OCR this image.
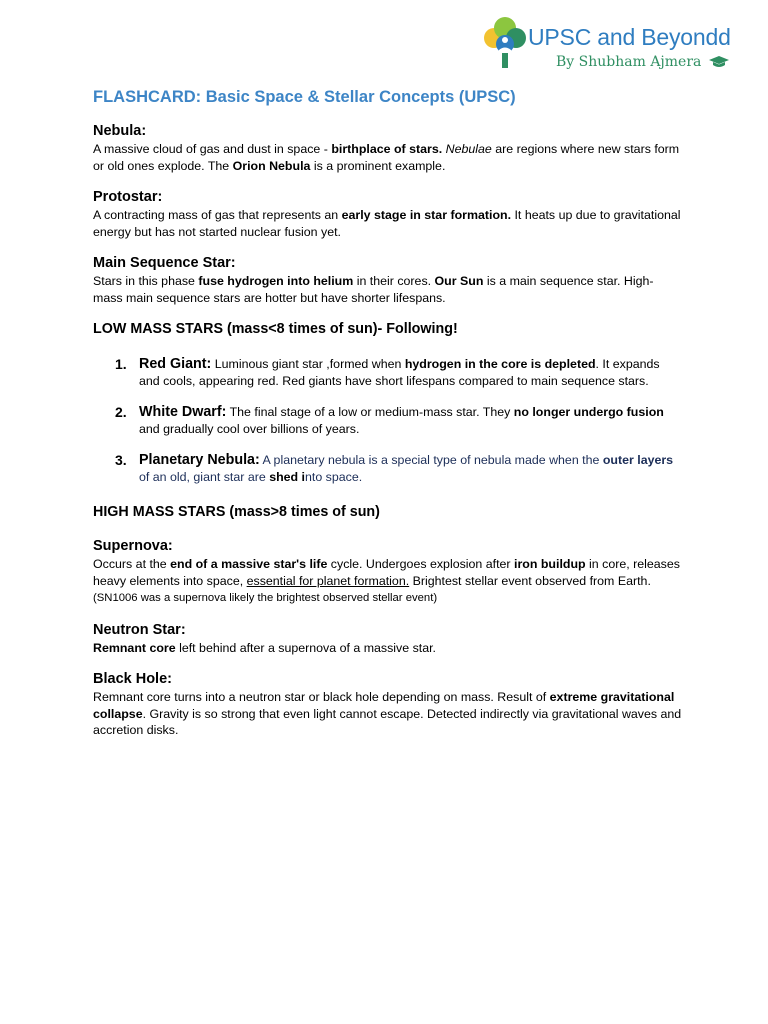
UPSC and Beyondd
By Shubham Ajmera
FLASHCARD: Basic Space & Stellar Concepts (UPSC)
Nebula:

A massive cloud of gas and dust in space - birthplace of stars. Nebulae are regions where new stars form or old ones explode. The Orion Nebula is a prominent example.

Protostar:

A contracting mass of gas that represents an early stage in star formation. It heats up due to gravitational energy but has not started nuclear fusion yet.

Main Sequence Star:

Stars in this phase fuse hydrogen into helium in their cores. Our Sun is a main sequence star. High-mass main sequence stars are hotter but have shorter lifespans.

LOW MASS STARS (mass<8 times of sun)- Following!
1. Red Giant: Luminous giant star ,formed when hydrogen in the core is depleted. It expands and cools, appearing red. Red giants have short lifespans compared to main sequence stars.
2. White Dwarf: The final stage of a low or medium-mass star. They no longer undergo fusion and gradually cool over billions of years.
3. Planetary Nebula: A planetary nebula is a special type of nebula made when the outer layers of an old, giant star are shed into space.
HIGH MASS STARS (mass>8 times of sun)
Supernova:

Occurs at the end of a massive star's life cycle. Undergoes explosion after iron buildup in core, releases heavy elements into space, essential for planet formation. Brightest stellar event observed from Earth.(SN1006 was a supernova likely the brightest observed stellar event)

Neutron Star:

Remnant core left behind after a supernova of a massive star.

Black Hole:

Remnant core turns into a neutron star or black hole depending on mass. Result of extreme gravitational collapse. Gravity is so strong that even light cannot escape. Detected indirectly via gravitational waves and accretion disks.
